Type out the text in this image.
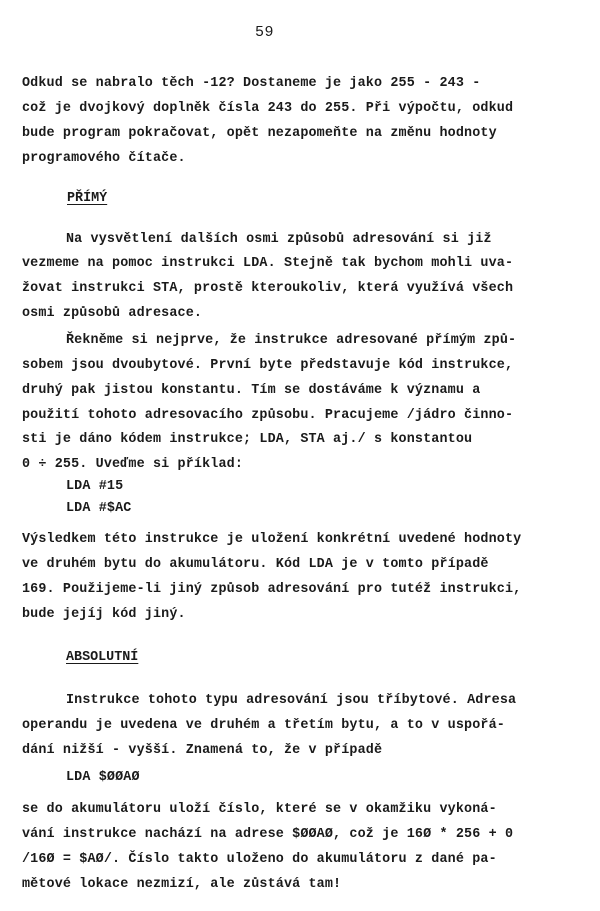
59
Odkud se nabralo těch -12? Dostaneme je jako 255 - 243 -
což je dvojkový doplněk čísla 243 do 255. Při výpočtu, odkud
bude program pokračovat, opět nezapomeňte na změnu hodnoty
programového čítače.
PŘÍMÝ
Na vysvětlení dalších osmi způsobů adresování si již
vezmeme na pomoc instrukci LDA. Stejně tak bychom mohli uva-
žovat instrukci STA, prostě kteroukoliv, která využívá všech
osmi způsobů adresace.
Řekněme si nejprve, že instrukce adresované přímým způ-
sobem jsou dvoubytové. První byte představuje kód instrukce,
druhý pak jistou konstantu. Tím se dostáváme k významu a
použití tohoto adresovacího způsobu. Pracujeme /jádro činno-
sti je dáno kódem instrukce; LDA, STA aj./ s konstantou
0 ÷ 255. Uveďme si příklad:
LDA #15
LDA #$AC
Výsledkem této instrukce je uložení konkrétní uvedené hodnoty
ve druhém bytu do akumulátoru. Kód LDA je v tomto případě
169. Použijeme-li jiný způsob adresování pro tutéž instrukci,
bude jejíj kód jiný.
ABSOLUTNÍ
Instrukce tohoto typu adresování jsou tříbytové. Adresa
operandu je uvedena ve druhém a třetím bytu, a to v uspořá-
dání nižší - vyšší. Znamená to, že v případě
LDA $ØØAØ
se do akumulátoru uloží číslo, které se v okamžiku vykoná-
vání instrukce nachází na adrese $ØØAØ, což je 16Ø * 256 + 0
/16Ø = $AØ/. Číslo takto uloženo do akumulátoru z dané pa-
mětové lokace nezmizí, ale zůstává tam!
